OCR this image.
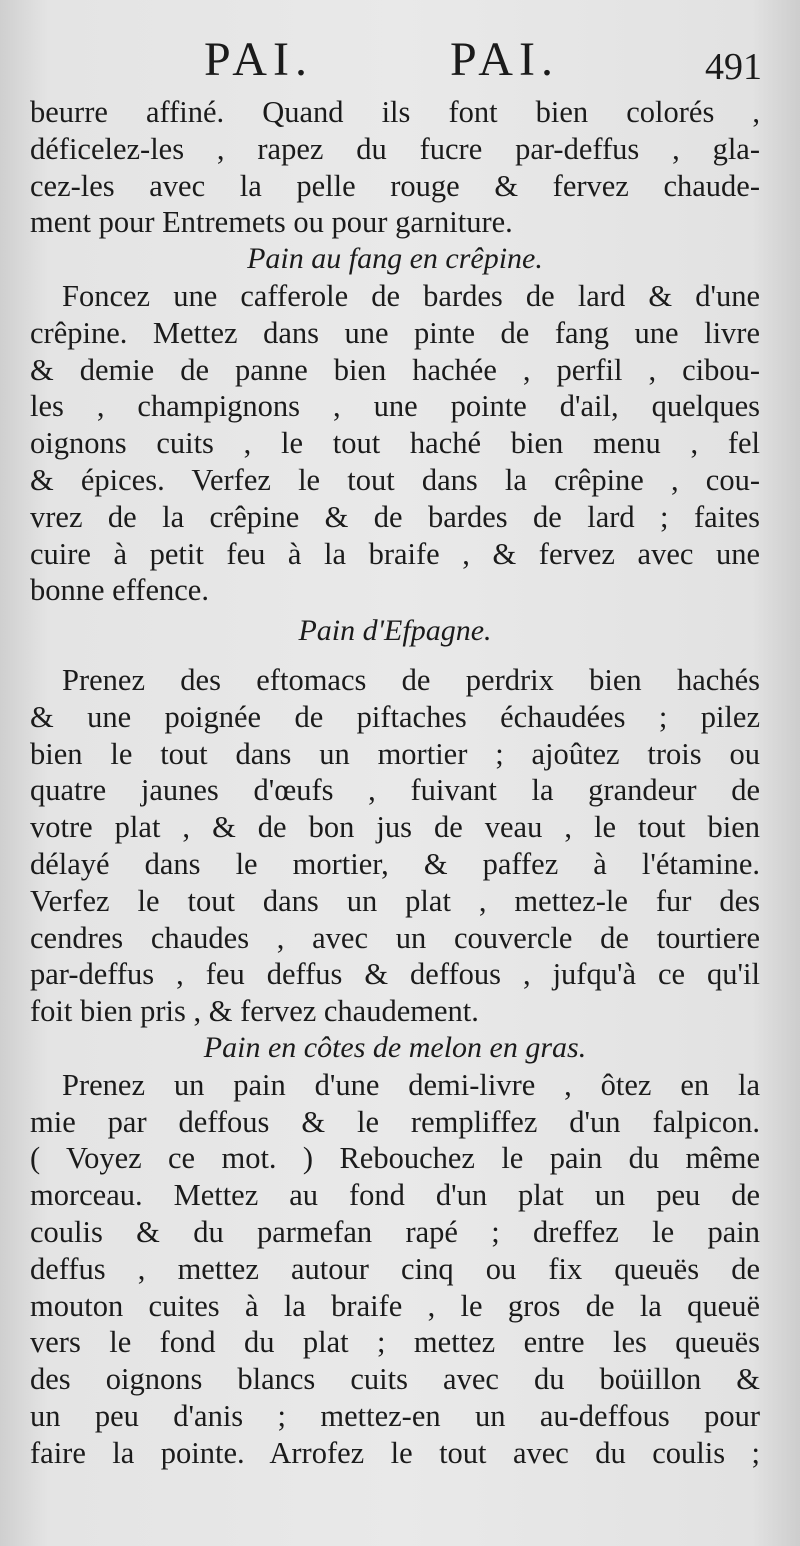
PAI.	PAI.	491
beurre affiné. Quand ils font bien colorés ,
déficelez-les , rapez du fucre par-deffus , gla-
cez-les avec la pelle rouge & fervez chaude-
ment pour Entremets ou pour garniture.
Pain au fang en crêpine.
Foncez une cafferole de bardes de lard & d'une
crêpine. Mettez dans une pinte de fang une livre
& demie de panne bien hachée , perfil , cibou-
les , champignons , une pointe d'ail, quelques
oignons cuits , le tout haché bien menu , fel
& épices. Verfez le tout dans la crêpine , cou-
vrez de la crêpine & de bardes de lard ; faites
cuire à petit feu à la braife , & fervez avec une
bonne effence.
Pain d'Efpagne.
Prenez des eftomacs de perdrix bien hachés
& une poignée de piftaches échaudées ; pilez
bien le tout dans un mortier ; ajoûtez trois ou
quatre jaunes d'œufs , fuivant la grandeur de
votre plat , & de bon jus de veau , le tout bien
délayé dans le mortier, & paffez à l'étamine.
Verfez le tout dans un plat , mettez-le fur des
cendres chaudes , avec un couvercle de tourtiere
par-deffus , feu deffus & deffous , jufqu'à ce qu'il
foit bien pris , & fervez chaudement.
Pain en côtes de melon en gras.
Prenez un pain d'une demi-livre , ôtez en la
mie par deffous & le rempliffez d'un falpicon.
( Voyez ce mot. ) Rebouchez le pain du même
morceau. Mettez au fond d'un plat un peu de
coulis & du parmefan rapé ; dreffez le pain
deffus , mettez autour cinq ou fix queuës de
mouton cuites à la braife , le gros de la queuë
vers le fond du plat ; mettez entre les queuës
des oignons blancs cuits avec du boüillon &
un peu d'anis ; mettez-en un au-deffous pour
faire la pointe. Arrofez le tout avec du coulis ;
